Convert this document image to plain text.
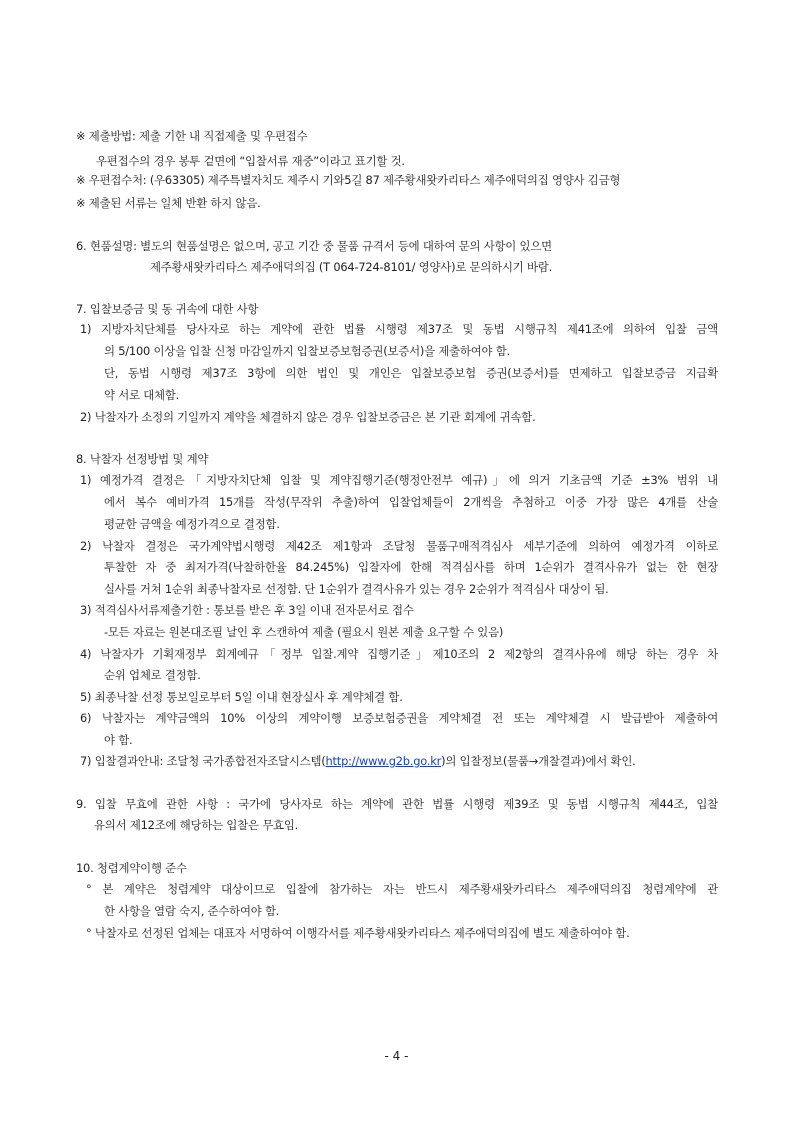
※ 제출방법: 제출 기한 내 직접제출 및 우편접수
우편접수의 경우 봉투 겉면에 “입찰서류 재중”이라고 표기할 것.
※ 우편접수처: (우63305) 제주특별자치도 제주시 기와5길 87 제주황새왓카리타스 제주애덕의집 영양사 김금형
※ 제출된 서류는 일체 반환 하지 않음.
6. 현품설명: 별도의 현품설명은 없으며, 공고 기간 중 물품 규격서 등에 대하여 문의 사항이 있으면
제주황새왓카리타스 제주애덕의집 (T 064-724-8101/ 영양사)로 문의하시기 바람.
7. 입찰보증금 및 동 귀속에 대한 사항
1) 지방자치단체를 당사자로 하는 계약에 관한 법률 시행령 제37조 및 동법 시행규칙 제41조에 의하여 입찰 금액
의 5/100 이상을 입찰 신청 마감일까지 입찰보증보험증권(보증서)을 제출하여야 함.
단, 동법 시행령 제37조 3항에 의한 법인 및 개인은 입찰보증보험 증권(보증서)를 면제하고 입찰보증금 지급확
약 서로 대체함.
2) 낙찰자가 소정의 기일까지 계약을 체결하지 않은 경우 입찰보증금은 본 기관 회계에 귀속함.
8. 낙찰자 선정방법 및 계약
1) 예정가격 결정은「지방자치단체 입찰 및 계약집행기준(행정안전부 예규)」에 의거 기초금액 기준 ±3% 범위 내
에서 복수 예비가격 15개를 작성(무작위 추출)하여 입찰업체들이 2개씩을 추첨하고 이중 가장 많은 4개를 산술
평균한 금액을 예정가격으로 결정함.
2) 낙찰자 결정은 국가계약법시행령 제42조 제1항과 조달청 물품구매적격심사 세부기준에 의하여 예정가격 이하로
투찰한 자 중 최저가격(낙찰하한율 84.245%) 입찰자에 한해 적격심사를 하며 1순위가 결격사유가 없는 한 현장
실사를 거쳐 1순위 최종낙찰자로 선정함. 단 1순위가 결격사유가 있는 경우 2순위가 적격심사 대상이 됨.
3) 적격심사서류제출기한 : 통보를 받은 후 3일 이내 전자문서로 접수
-모든 자료는 원본대조필 날인 후 스캔하여 제출 (필요시 원본 제출 요구할 수 있음)
4) 낙찰자가 기획재정부 회계예규「정부 입찰.계약 집행기준」제10조의 2 제2항의 결격사유에 해당 하는 경우 차
순위 업체로 결정함.
5) 최종낙찰 선정 통보일로부터 5일 이내 현장실사 후 계약체결 함.
6) 낙찰자는 계약금액의 10% 이상의 계약이행 보증보험증권을 계약체결 전 또는 계약체결 시 발급받아 제출하여
야 함.
7) 입찰결과안내: 조달청 국가종합전자조달시스템(http://www.g2b.go.kr)의 입찰정보(물품→개찰결과)에서 확인.
9. 입찰 무효에 관한 사항 : 국가에 당사자로 하는 계약에 관한 법률 시행령 제39조 및 동법 시행규칙 제44조, 입찰
유의서 제12조에 해당하는 입찰은 무효임.
10. 청렴계약이행 준수
° 본 계약은 청렴계약 대상이므로 입찰에 참가하는 자는 반드시 제주황새왓카리타스 제주애덕의집 청렴계약에 관
한 사항을 열람 숙지, 준수하여야 함.
° 낙찰자로 선정된 업체는 대표자 서명하여 이행각서를 제주황새왓카리타스 제주애덕의집에 별도 제출하여야 함.
- 4 -
